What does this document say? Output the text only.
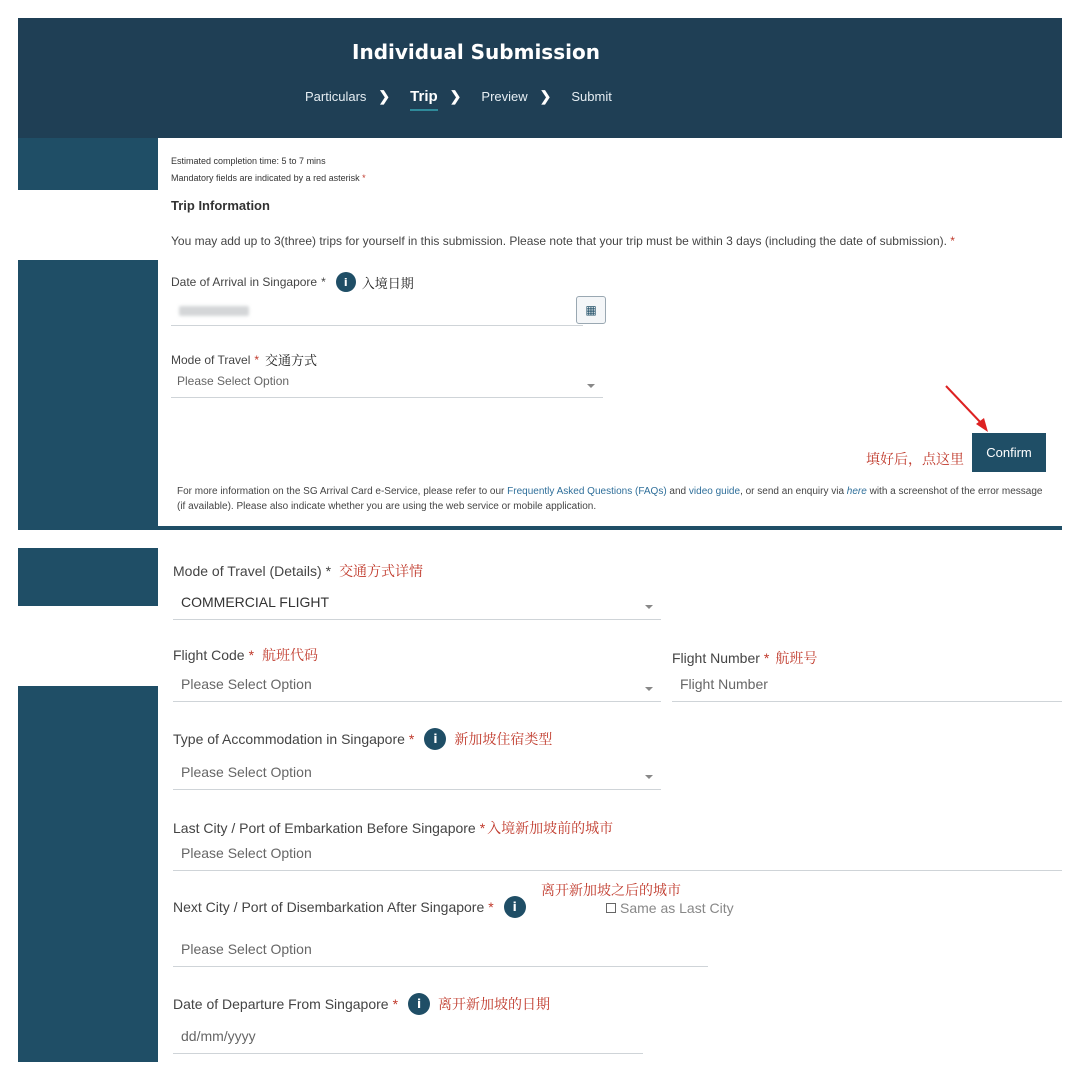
Individual Submission
Particulars ❯ Trip ❯ Preview ❯ Submit
Estimated completion time: 5 to 7 mins
Mandatory fields are indicated by a red asterisk *
Trip Information
You may add up to 3(three) trips for yourself in this submission. Please note that your trip must be within 3 days (including the date of submission). *
Date of Arrival in Singapore *	i	入境日期
▦
Mode of Travel * 交通方式
Please Select Option
填好后，点这里	Confirm
For more information on the SG Arrival Card e-Service, please refer to our Frequently Asked Questions (FAQs) and video guide, or send an enquiry via here with a screenshot of the error message (if available). Please also indicate whether you are using the web service or mobile application.
Mode of Travel (Details) * 交通方式详情
COMMERCIAL FLIGHT
Flight Code * 航班代码
Please Select Option
Flight Number * 航班号
Flight Number
Type of Accommodation in Singapore *	i	新加坡住宿类型
Please Select Option
Last City / Port of Embarkation Before Singapore * 入境新加坡前的城市
Please Select Option
离开新加坡之后的城市
Next City / Port of Disembarkation After Singapore *	i	Same as Last City
Please Select Option
Date of Departure From Singapore *	i	离开新加坡的日期
dd/mm/yyyy
